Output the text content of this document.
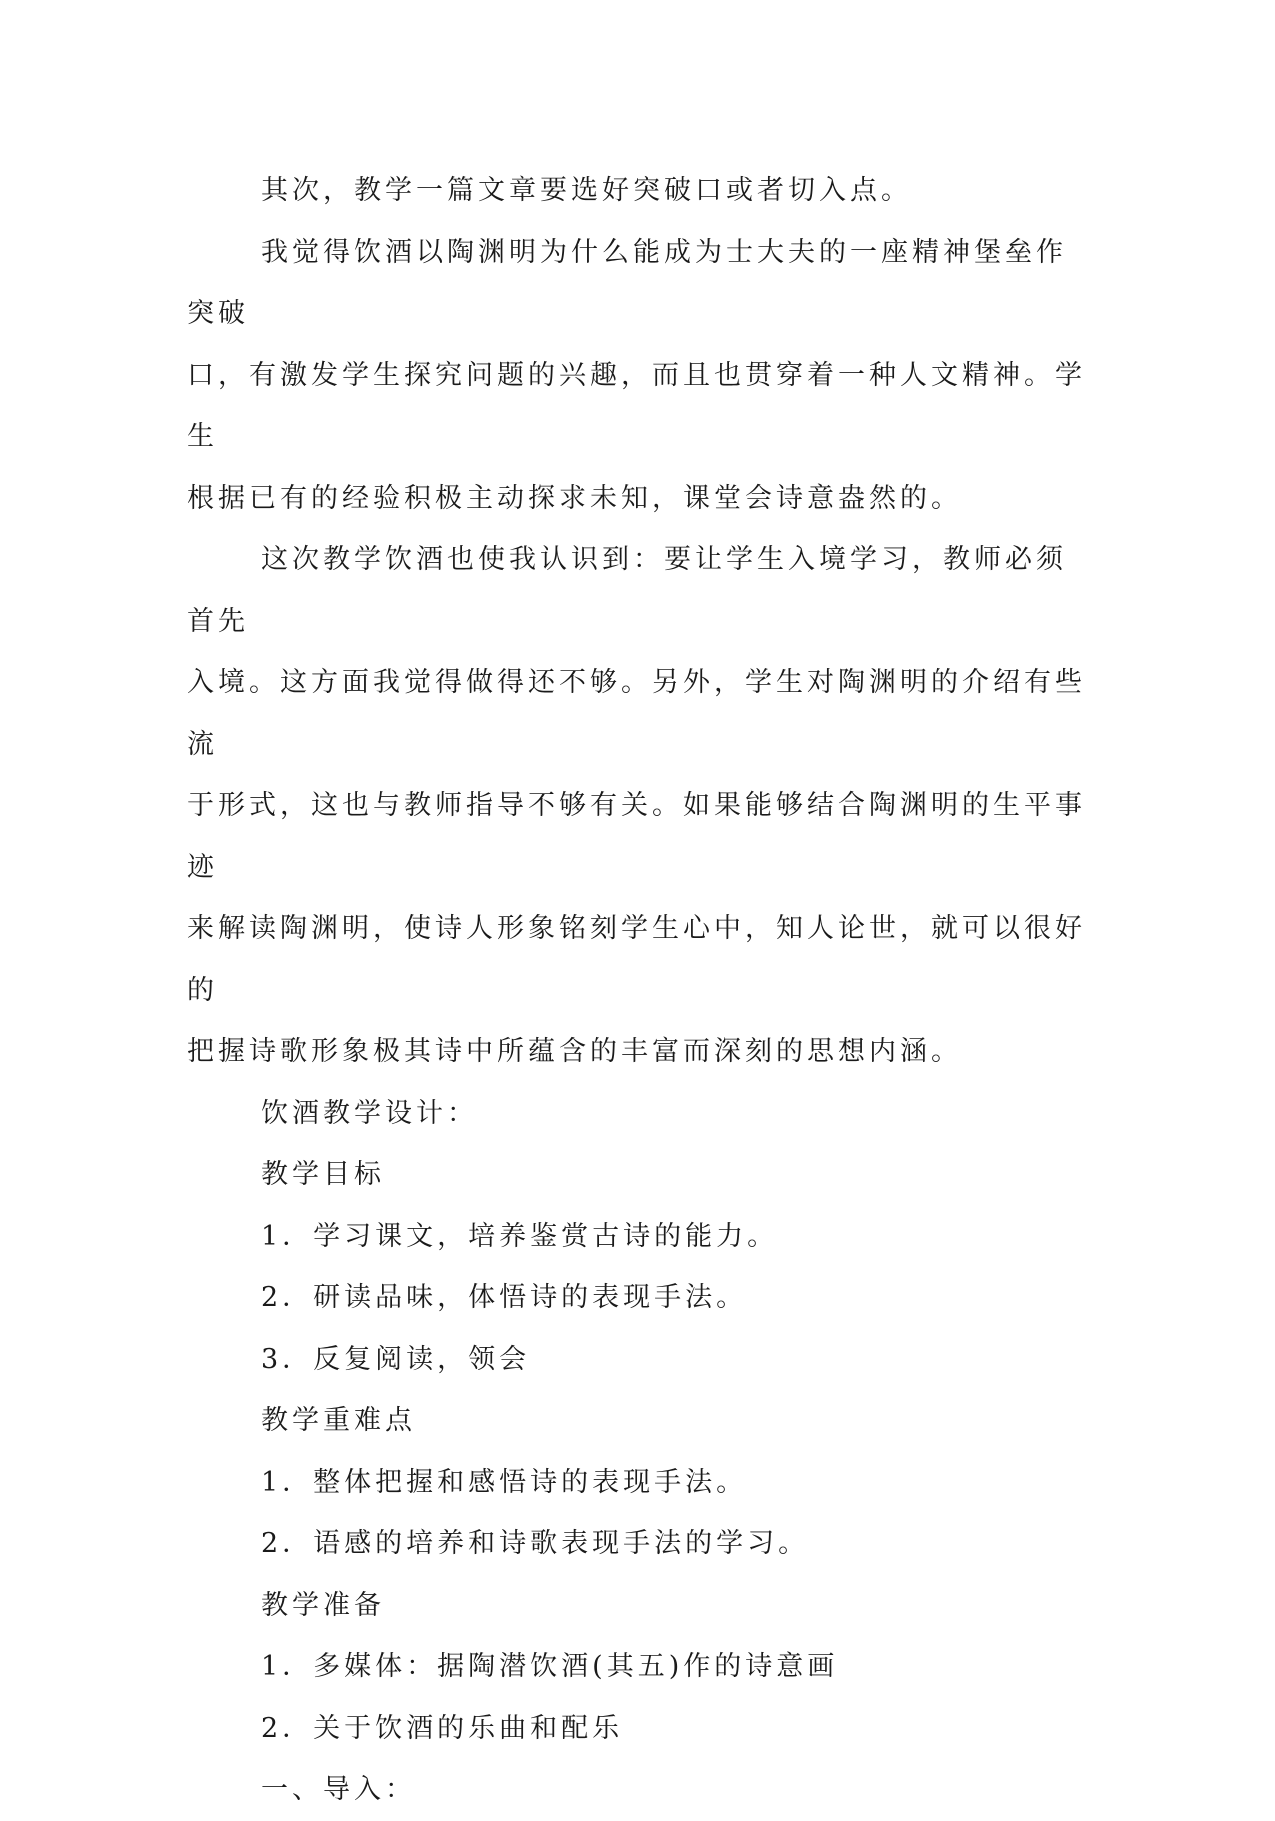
其次，教学一篇文章要选好突破口或者切入点。

我觉得饮酒以陶渊明为什么能成为士大夫的一座精神堡垒作突破
口，有激发学生探究问题的兴趣，而且也贯穿着一种人文精神。学生
根据已有的经验积极主动探求未知，课堂会诗意盎然的。

这次教学饮酒也使我认识到：要让学生入境学习，教师必须首先
入境。这方面我觉得做得还不够。另外，学生对陶渊明的介绍有些流
于形式，这也与教师指导不够有关。如果能够结合陶渊明的生平事迹
来解读陶渊明，使诗人形象铭刻学生心中，知人论世，就可以很好的
把握诗歌形象极其诗中所蕴含的丰富而深刻的思想内涵。

饮酒教学设计：

教学目标

1．学习课文，培养鉴赏古诗的能力。

2．研读品味，体悟诗的表现手法。

3．反复阅读，领会

教学重难点

1．整体把握和感悟诗的表现手法。

2．语感的培养和诗歌表现手法的学习。

教学准备

1．多媒体：据陶潜饮酒(其五)作的诗意画

2．关于饮酒的乐曲和配乐

一、导入：
